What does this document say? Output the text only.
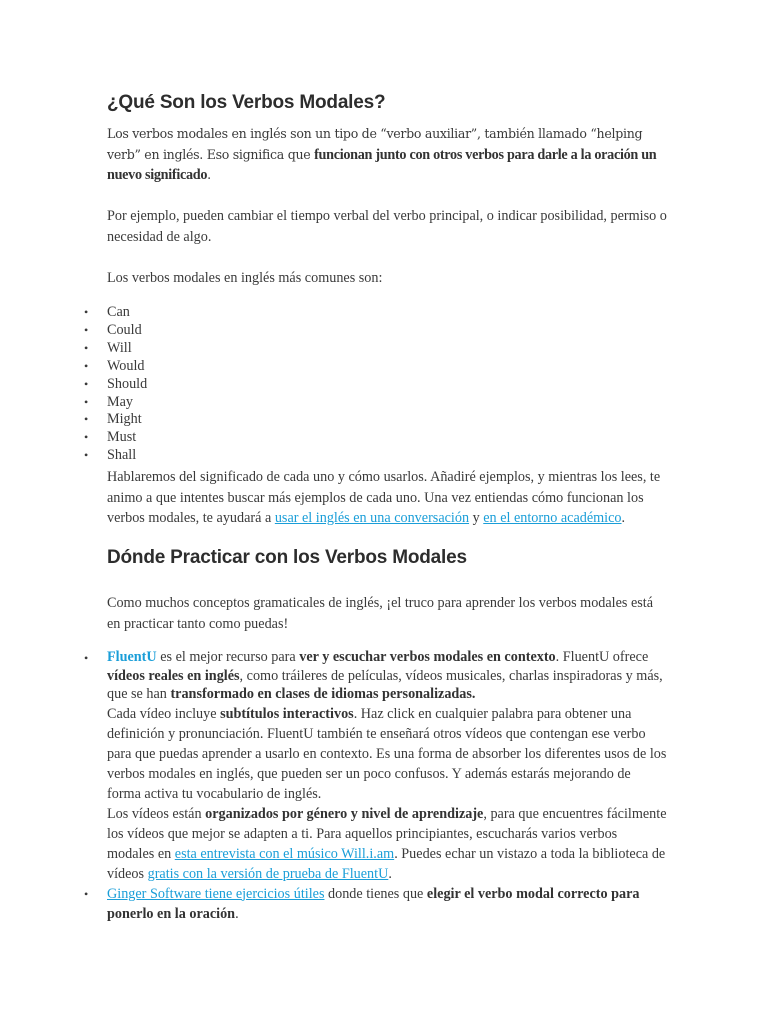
¿Qué Son los Verbos Modales?
Los verbos modales en inglés son un tipo de “verbo auxiliar”, también llamado “helping verb” en inglés. Eso significa que funcionan junto con otros verbos para darle a la oración un nuevo significado.
Por ejemplo, pueden cambiar el tiempo verbal del verbo principal, o indicar posibilidad, permiso o necesidad de algo.
Los verbos modales en inglés más comunes son:
• Can
• Could
• Will
• Would
• Should
• May
• Might
• Must
• Shall
Hablaremos del significado de cada uno y cómo usarlos. Añadiré ejemplos, y mientras los lees, te animo a que intentes buscar más ejemplos de cada uno. Una vez entiendas cómo funcionan los verbos modales, te ayudará a usar el inglés en una conversación y en el entorno académico.
Dónde Practicar con los Verbos Modales
Como muchos conceptos gramaticales de inglés, ¡el truco para aprender los verbos modales está en practicar tanto como puedas!
• FluentU es el mejor recurso para ver y escuchar verbos modales en contexto. FluentU ofrece vídeos reales en inglés, como tráileres de películas, vídeos musicales, charlas inspiradoras y más, que se han transformado en clases de idiomas personalizadas.
Cada vídeo incluye subtítulos interactivos. Haz click en cualquier palabra para obtener una definición y pronunciación. FluentU también te enseñará otros vídeos que contengan ese verbo para que puedas aprender a usarlo en contexto. Es una forma de absorber los diferentes usos de los verbos modales en inglés, que pueden ser un poco confusos. Y además estarás mejorando de forma activa tu vocabulario de inglés.
Los vídeos están organizados por género y nivel de aprendizaje, para que encuentres fácilmente los vídeos que mejor se adapten a ti. Para aquellos principiantes, escucharás varios verbos modales en esta entrevista con el músico Will.i.am. Puedes echar un vistazo a toda la biblioteca de vídeos gratis con la versión de prueba de FluentU.
• Ginger Software tiene ejercicios útiles donde tienes que elegir el verbo modal correcto para ponerlo en la oración.
